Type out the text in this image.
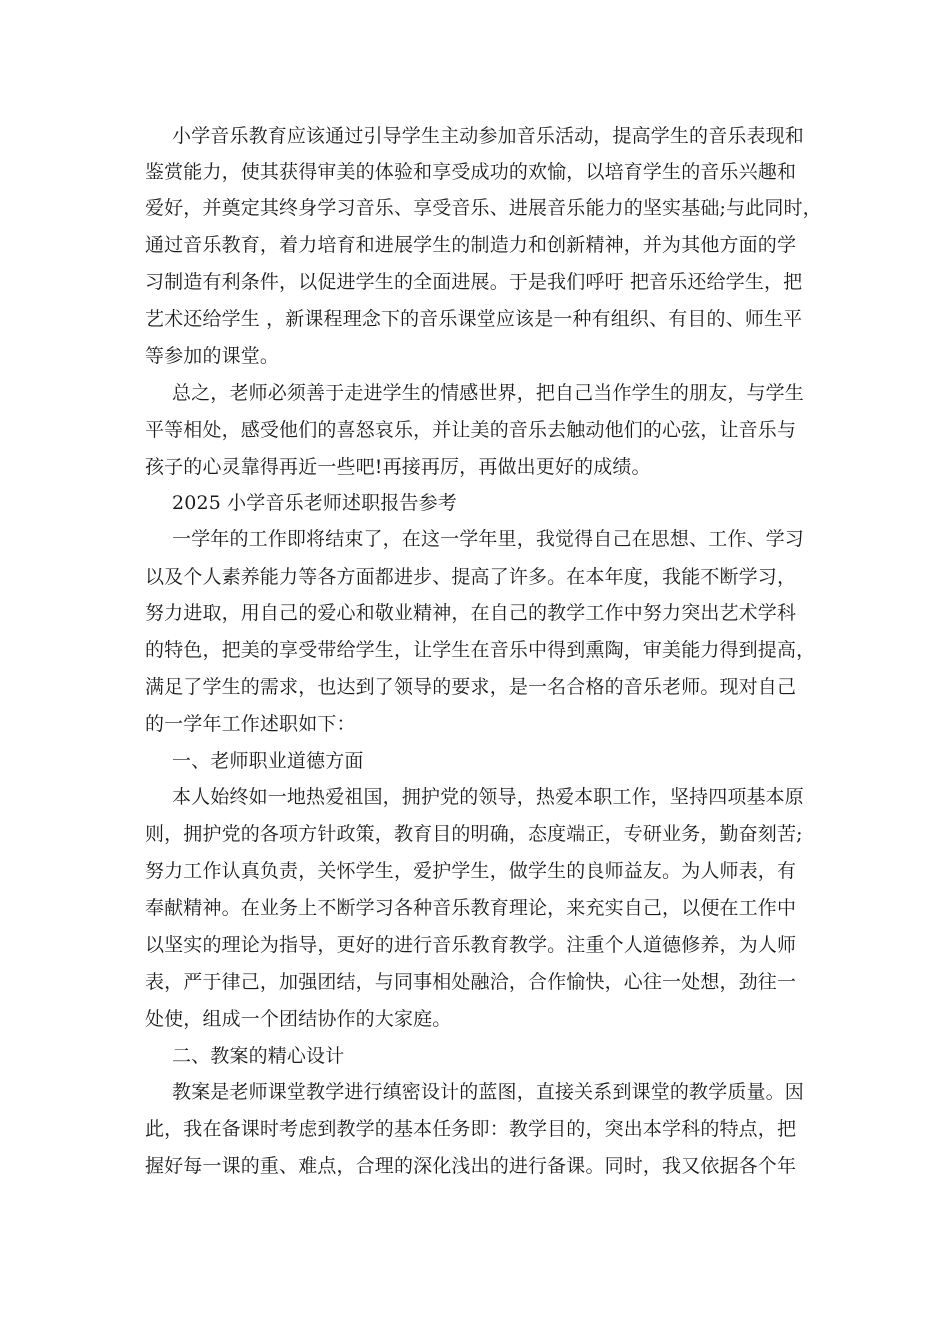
小学音乐教育应该通过引导学生主动参加音乐活动，提高学生的音乐表现和
鉴赏能力，使其获得审美的体验和享受成功的欢愉，以培育学生的音乐兴趣和
爱好，并奠定其终身学习音乐、享受音乐、进展音乐能力的坚实基础;与此同时，
通过音乐教育，着力培育和进展学生的制造力和创新精神，并为其他方面的学
习制造有利条件，以促进学生的全面进展。于是我们呼吁 把音乐还给学生，把
艺术还给学生 ，新课程理念下的音乐课堂应该是一种有组织、有目的、师生平
等参加的课堂。
总之，老师必须善于走进学生的情感世界，把自己当作学生的朋友，与学生
平等相处，感受他们的喜怒哀乐，并让美的音乐去触动他们的心弦，让音乐与
孩子的心灵靠得再近一些吧!再接再厉，再做出更好的成绩。
2025 小学音乐老师述职报告参考
一学年的工作即将结束了，在这一学年里，我觉得自己在思想、工作、学习
以及个人素养能力等各方面都进步、提高了许多。在本年度，我能不断学习，
努力进取，用自己的爱心和敬业精神，在自己的教学工作中努力突出艺术学科
的特色，把美的享受带给学生，让学生在音乐中得到熏陶，审美能力得到提高，
满足了学生的需求，也达到了领导的要求，是一名合格的音乐老师。现对自己
的一学年工作述职如下：
一、老师职业道德方面
本人始终如一地热爱祖国，拥护党的领导，热爱本职工作，坚持四项基本原
则，拥护党的各项方针政策，教育目的明确，态度端正，专研业务，勤奋刻苦;
努力工作认真负责，关怀学生，爱护学生，做学生的良师益友。为人师表，有
奉献精神。在业务上不断学习各种音乐教育理论，来充实自己，以便在工作中
以坚实的理论为指导，更好的进行音乐教育教学。注重个人道德修养，为人师
表，严于律己，加强团结，与同事相处融洽，合作愉快，心往一处想，劲往一
处使，组成一个团结协作的大家庭。
二、教案的精心设计
教案是老师课堂教学进行缜密设计的蓝图，直接关系到课堂的教学质量。因
此，我在备课时考虑到教学的基本任务即：教学目的，突出本学科的特点，把
握好每一课的重、难点，合理的深化浅出的进行备课。同时，我又依据各个年
